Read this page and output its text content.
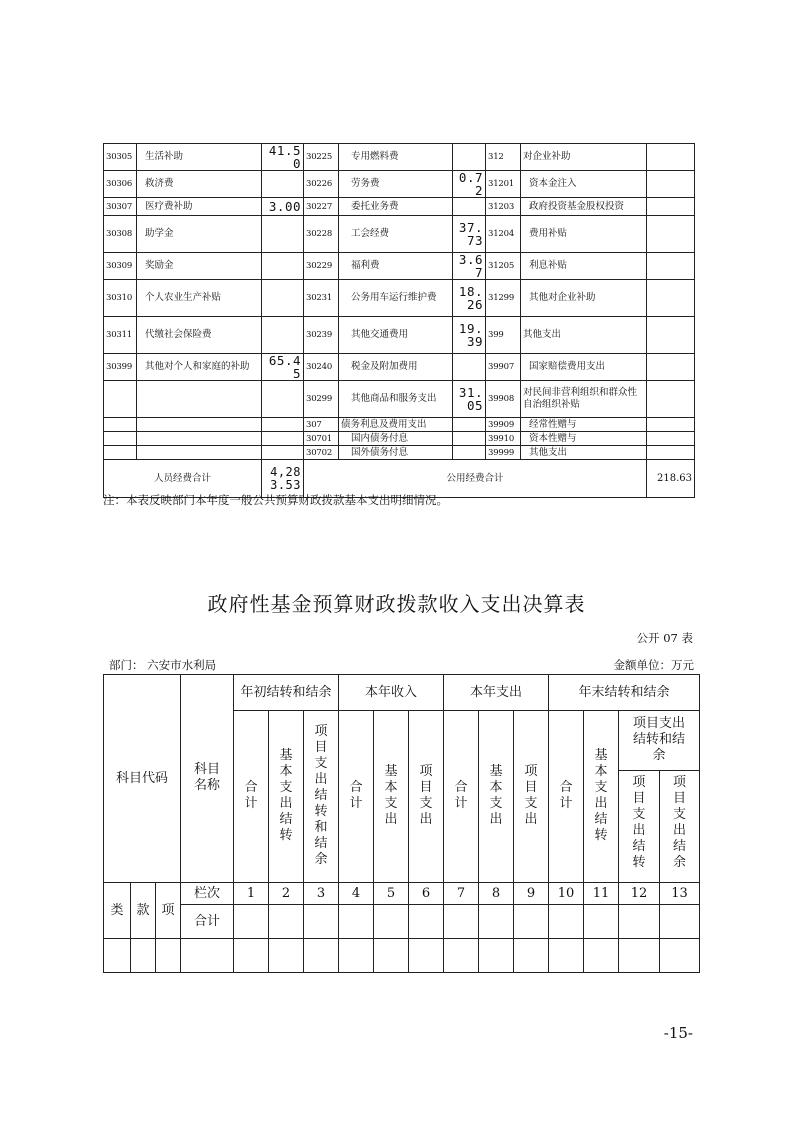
30305	生活补助	41.50	30225	专用燃料费		312	对企业补助	
30306	救济费		30226	劳务费	0.72	31201	资本金注入	
30307	医疗费补助	3.00	30227	委托业务费		31203	政府投资基金股权投资	
30308	助学金		30228	工会经费	37.73	31204	费用补贴	
30309	奖励金		30229	福利费	3.67	31205	利息补贴	
30310	个人农业生产补贴		30231	公务用车运行维护费	18.26	31299	其他对企业补助	
30311	代缴社会保险费		30239	其他交通费用	19.39	399	其他支出	
30399	其他对个人和家庭的补助	65.45	30240	税金及附加费用		39907	国家赔偿费用支出	
			30299	其他商品和服务支出	31.05	39908	对民间非营利组织和群众性自治组织补贴	
			307	债务利息及费用支出		39909	经常性赠与	
			30701	国内债务付息		39910	资本性赠与	
			30702	国外债务付息		39999	其他支出	
人员经费合计		4,283.53	公用经费合计					218.63
注：本表反映部门本年度一般公共预算财政拨款基本支出明细情况。
政府性基金预算财政拨款收入支出决算表
公开 07 表
部门： 六安市水利局	金额单位：万元
科目代码			科目名称	年初结转和结余			本年收入			本年支出			年末结转和结余			
				合计	基本支出结转	项目支出结转和结余	合计	基本支出	项目支出	合计	基本支出	项目支出	合计	基本支出结转	项目支出结转和结余	
															项目支出结转	项目支出结余
类	款	项	栏次	1	2	3	4	5	6	7	8	9	10	11	12	13
			合计													

-15-
